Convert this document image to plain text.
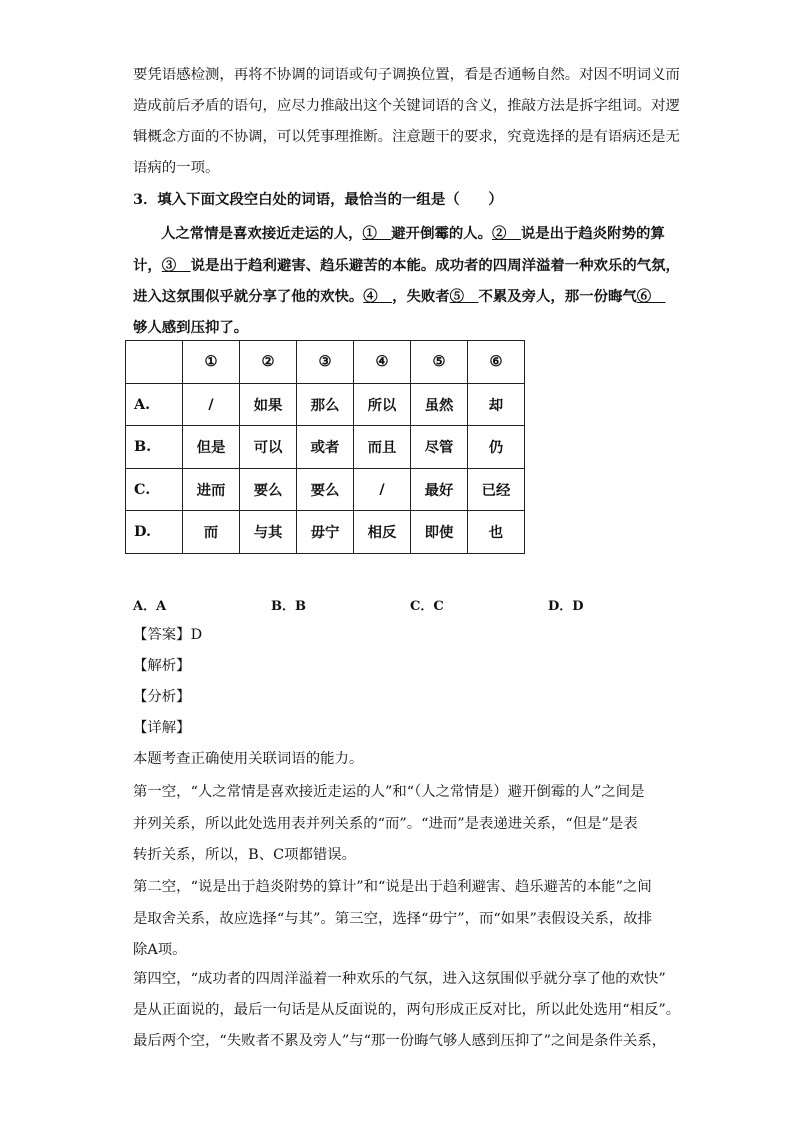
要凭语感检测，再将不协调的词语或句子调换位置，看是否通畅自然。对因不明词义而
造成前后矛盾的语句，应尽力推敲出这个关键词语的含义，推敲方法是拆字组词。对逻
辑概念方面的不协调，可以凭事理推断。注意题干的要求，究竟选择的是有语病还是无
语病的一项。
3．填入下面文段空白处的词语，最恰当的一组是（　　）
人之常情是喜欢接近走运的人，①　避开倒霉的人。②　说是出于趋炎附势的算
计，③　说是出于趋利避害、趋乐避苦的本能。成功者的四周洋溢着一种欢乐的气氛，
进入这氛围似乎就分享了他的欢快。④　，失败者⑤　不累及旁人，那一份晦气⑥　
够人感到压抑了。
	①	②	③	④	⑤	⑥
A.	/	如果	那么	所以	虽然	却
B.	但是	可以	或者	而且	尽管	仍
C.	进而	要么	要么	/	最好	已经
D.	而	与其	毋宁	相反	即使	也
A．A	B．B	C．C	D．D
【答案】D
【解析】
【分析】
【详解】
本题考查正确使用关联词语的能力。
第一空，“人之常情是喜欢接近走运的人”和“（人之常情是）避开倒霉的人”之间是
并列关系，所以此处选用表并列关系的“而”。“进而”是表递进关系，“但是”是表
转折关系，所以，B、C项都错误。
第二空，“说是出于趋炎附势的算计”和“说是出于趋利避害、趋乐避苦的本能”之间
是取舍关系，故应选择“与其”。第三空，选择“毋宁”，而“如果”表假设关系，故排
除A项。
第四空，“成功者的四周洋溢着一种欢乐的气氛，进入这氛围似乎就分享了他的欢快”
是从正面说的，最后一句话是从反面说的，两句形成正反对比，所以此处选用“相反”。
最后两个空，“失败者不累及旁人”与“那一份晦气够人感到压抑了”之间是条件关系，
